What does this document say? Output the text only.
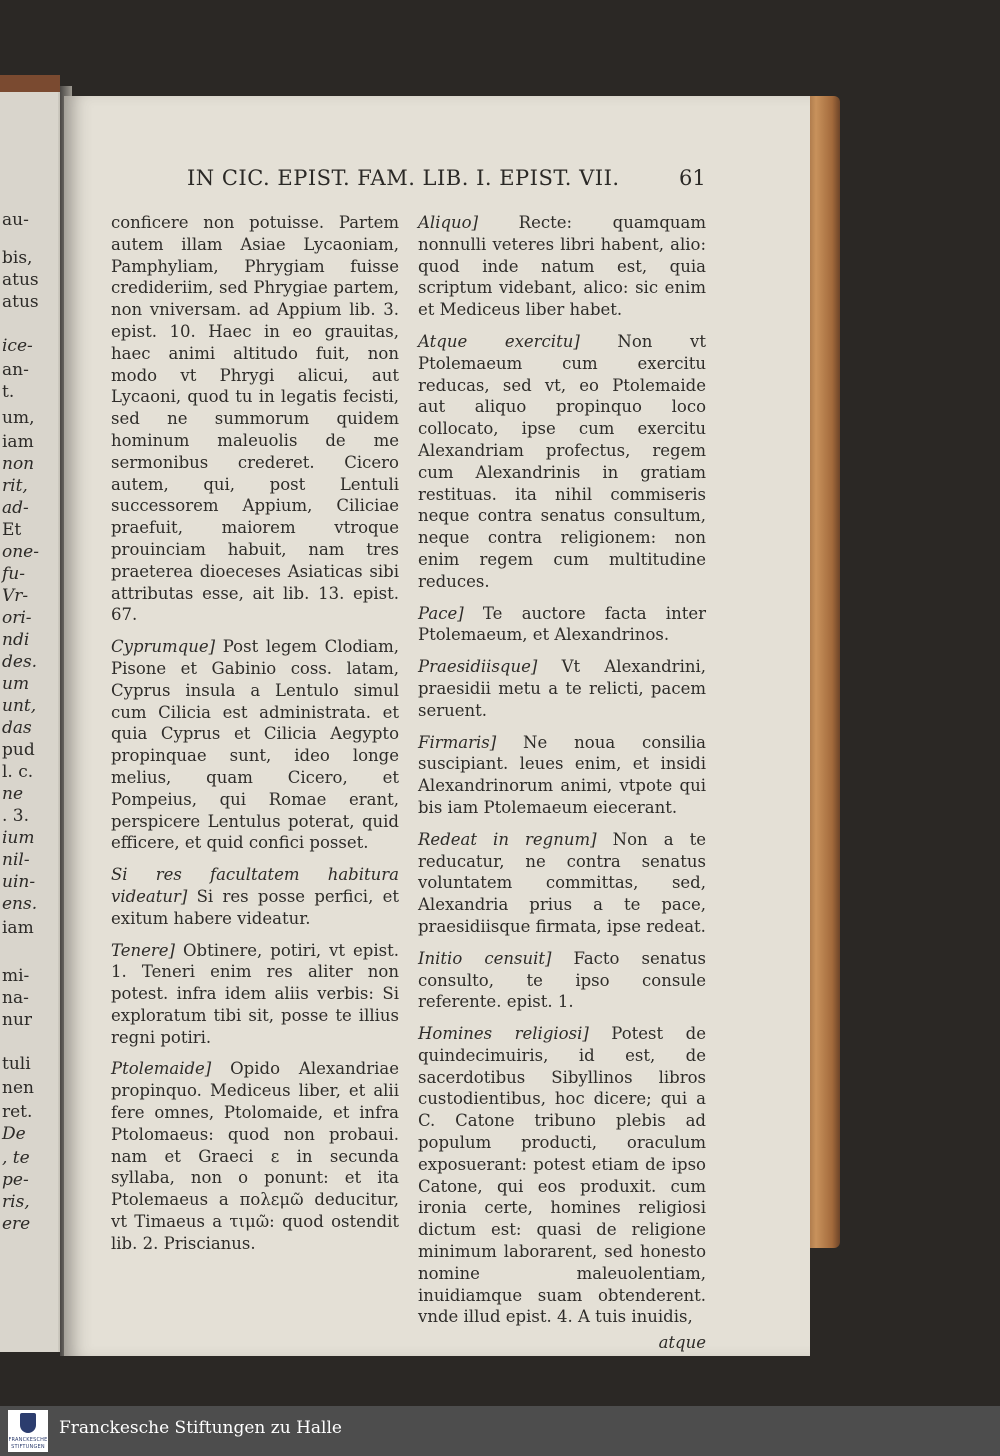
au-
bis,
atus
atus
ice-
an-
t.
um,
iam
non
rit,
ad-
Et
one-
fu-
Vr-
ori-
ndi
des.
um
unt,
das
pud
l. c.
ne
. 3.
ium
nil-
uin-
ens.
iam
mi-
na-
nur
tuli
nen
ret.
De
, te
pe-
ris,
ere
IN CIC. EPIST. FAM. LIB. I. EPIST. VII.	61

conficere non potuisse. Partem autem illam Asiae Lycaoniam, Pamphyliam, Phrygiam fuisse credideriim, sed Phrygiae partem, non vniversam. ad Appium lib. 3. epist. 10. Haec in eo grauitas, haec animi altitudo fuit, non modo vt Phrygi alicui, aut Lycaoni, quod tu in legatis fecisti, sed ne summorum quidem hominum maleuolis de me sermonibus crederet. Cicero autem, qui, post Lentuli successorem Appium, Ciliciae praefuit, maiorem vtroque prouinciam habuit, nam tres praeterea dioeceses Asiaticas sibi attributas esse, ait lib. 13. epist. 67.

Cyprumque] Post legem Clodiam, Pisone et Gabinio coss. latam, Cyprus insula a Lentulo simul cum Cilicia est administrata. et quia Cyprus et Cilicia Aegypto propinquae sunt, ideo longe melius, quam Cicero, et Pompeius, qui Romae erant, perspicere Lentulus poterat, quid efficere, et quid confici posset.

Si res facultatem habitura videatur] Si res posse perfici, et exitum habere videatur.

Tenere] Obtinere, potiri, vt epist. 1. Teneri enim res aliter non potest. infra idem aliis verbis: Si exploratum tibi sit, posse te illius regni potiri.

Ptolemaide] Opido Alexandriae propinquo. Mediceus liber, et alii fere omnes, Ptolomaide, et infra Ptolomaeus: quod non probaui. nam et Graeci ε in secunda syllaba, non ο ponunt: et ita Ptolemaeus a πολεμῶ deducitur, vt Timaeus a τιμῶ: quod ostendit lib. 2. Priscianus.

Aliquo] Recte: quamquam nonnulli veteres libri habent, alio: quod inde natum est, quia scriptum videbant, alico: sic enim et Mediceus liber habet.

Atque exercitu] Non vt Ptolemaeum cum exercitu reducas, sed vt, eo Ptolemaide aut aliquo propinquo loco collocato, ipse cum exercitu Alexandriam profectus, regem cum Alexandrinis in gratiam restituas. ita nihil commiseris neque contra senatus consultum, neque contra religionem: non enim regem cum multitudine reduces.

Pace] Te auctore facta inter Ptolemaeum, et Alexandrinos.

Praesidiisque] Vt Alexandrini, praesidii metu a te relicti, pacem seruent.

Firmaris] Ne noua consilia suscipiant. leues enim, et insidi Alexandrinorum animi, vtpote qui bis iam Ptolemaeum eiecerant.

Redeat in regnum] Non a te reducatur, ne contra senatus voluntatem committas, sed, Alexandria prius a te pace, praesidiisque firmata, ipse redeat.

Initio censuit] Facto senatus consulto, te ipso consule referente. epist. 1.

Homines religiosi] Potest de quindecimuiris, id est, de sacerdotibus Sibyllinos libros custodientibus, hoc dicere; qui a C. Catone tribuno plebis ad populum producti, oraculum exposuerant: potest etiam de ipso Catone, qui eos produxit. cum ironia certe, homines religiosi dictum est: quasi de religione minimum laborarent, sed honesto nomine maleuolentiam, inuidiamque suam obtenderent. vnde illud epist. 4. A tuis inuidis,

atque
FRANCKESCHE
STIFTUNGEN
Franckesche Stiftungen zu Halle
